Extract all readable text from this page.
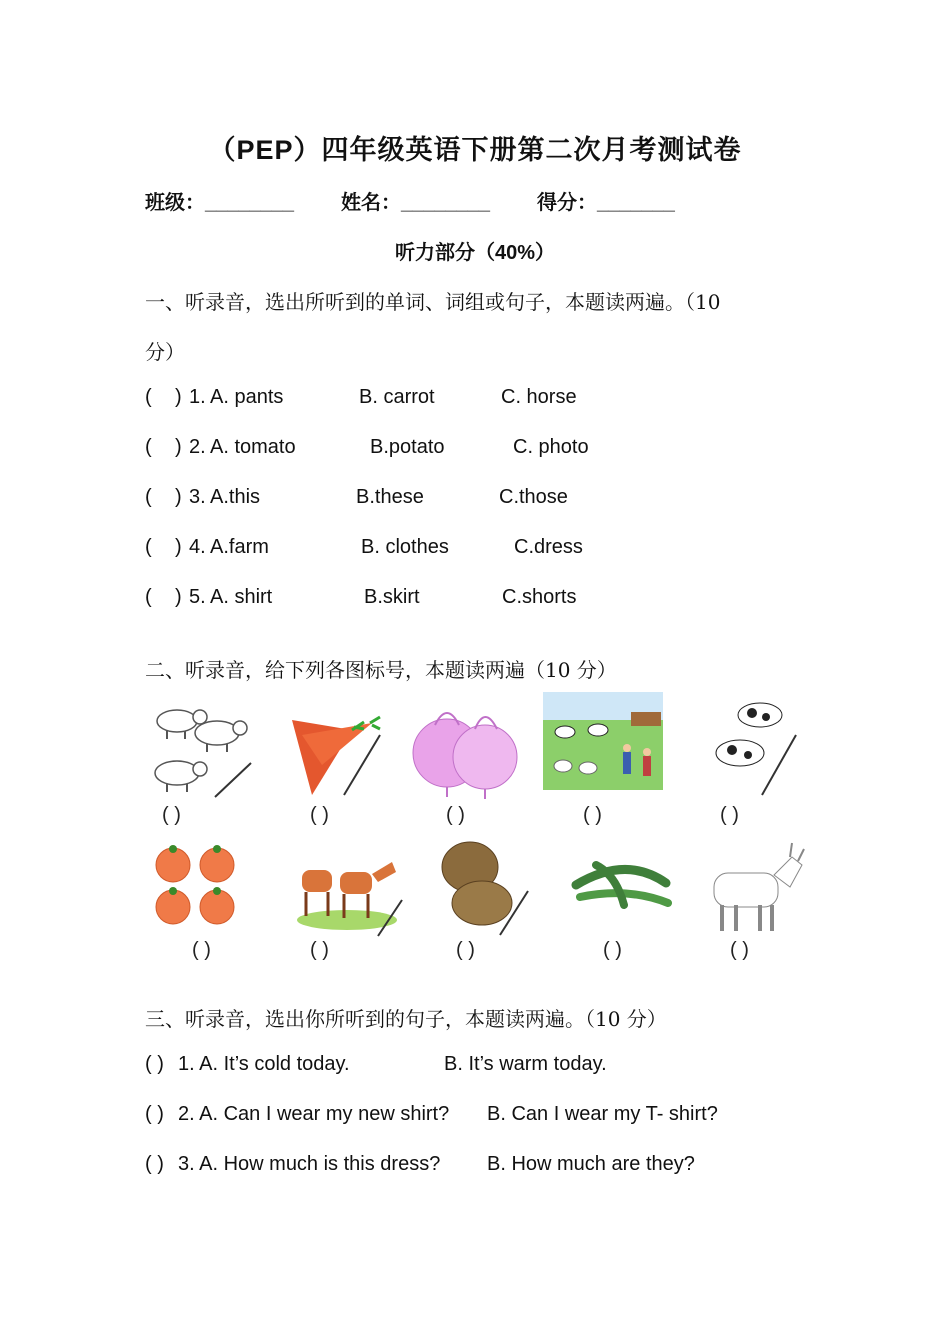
（PEP）四年级英语下册第二次月考测试卷
班级：________ 姓名：________ 得分：_______
听力部分（40%）
一、听录音，选出所听到的单词、词组或句子，本题读两遍。（10
分）
( ) 1. A. pants	B. carrot	C. horse
( ) 2. A. tomato	B.potato	C. photo
( ) 3. A.this	B.these	C.those
( ) 4. A.farm	B. clothes	C.dress
( ) 5. A. shirt	B.skirt	C.shorts
二、听录音，给下列各图标号，本题读两遍（10 分）
( )	( )	( )	( )	( )
( )	( )	( )	( )	( )
三、听录音，选出你所听到的句子，本题读两遍。（10 分）
( ) 1. A. It’s cold today.	B. It’s warm today.
( ) 2. A. Can I wear my new shirt? B. Can I wear my T- shirt?
( ) 3. A. How much is this dress? B. How much are they?
